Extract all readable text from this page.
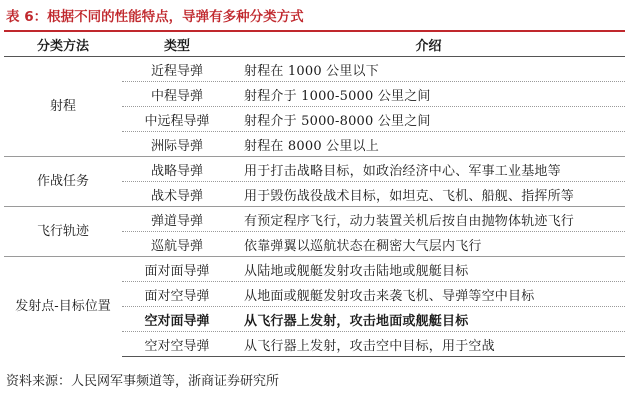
表 6：根据不同的性能特点，导弹有多种分类方式
分类方法	类型	介绍
射程	近程导弹	射程在 1000 公里以下
	中程导弹	射程介于 1000-5000 公里之间
	中远程导弹	射程介于 5000-8000 公里之间
	洲际导弹	射程在 8000 公里以上
作战任务	战略导弹	用于打击战略目标，如政治经济中心、军事工业基地等
	战术导弹	用于毁伤战役战术目标，如坦克、飞机、船舰、指挥所等
飞行轨迹	弹道导弹	有预定程序飞行，动力装置关机后按自由抛物体轨迹飞行
	巡航导弹	依靠弹翼以巡航状态在稠密大气层内飞行
发射点-目标位置	面对面导弹	从陆地或舰艇发射攻击陆地或舰艇目标
	面对空导弹	从地面或舰艇发射攻击来袭飞机、导弹等空中目标
	空对面导弹	从飞行器上发射，攻击地面或舰艇目标
	空对空导弹	从飞行器上发射，攻击空中目标，用于空战
资料来源：人民网军事频道等，浙商证券研究所
